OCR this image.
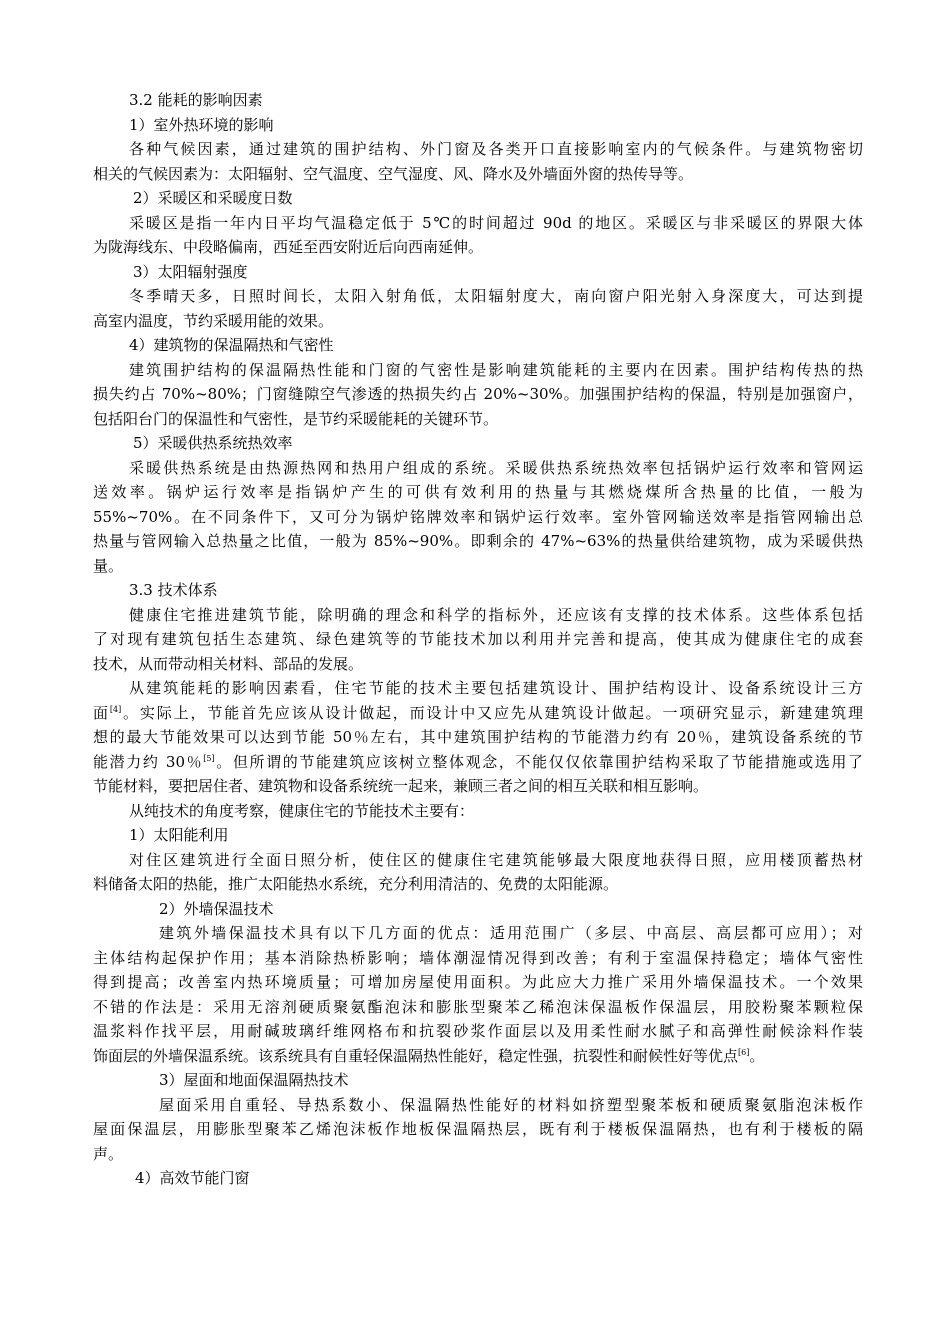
3.2 能耗的影响因素
1）室外热环境的影响
各种气候因素，通过建筑的围护结构、外门窗及各类开口直接影响室内的气候条件。与建筑物密切
相关的气候因素为：太阳辐射、空气温度、空气湿度、风、降水及外墙面外窗的热传导等。
2）采暖区和采暖度日数
采暖区是指一年内日平均气温稳定低于 5℃的时间超过 90d 的地区。采暖区与非采暖区的界限大体
为陇海线东、中段略偏南，西延至西安附近后向西南延伸。
3）太阳辐射强度
冬季晴天多，日照时间长，太阳入射角低，太阳辐射度大，南向窗户阳光射入身深度大，可达到提
高室内温度，节约采暖用能的效果。
4）建筑物的保温隔热和气密性
建筑围护结构的保温隔热性能和门窗的气密性是影响建筑能耗的主要内在因素。围护结构传热的热
损失约占 70%~80%；门窗缝隙空气渗透的热损失约占 20%~30%。加强围护结构的保温，特别是加强窗户，
包括阳台门的保温性和气密性，是节约采暖能耗的关键环节。
5）采暖供热系统热效率
采暖供热系统是由热源热网和热用户组成的系统。采暖供热系统热效率包括锅炉运行效率和管网运
送效率。锅炉运行效率是指锅炉产生的可供有效利用的热量与其燃烧煤所含热量的比值，一般为
55%~70%。在不同条件下，又可分为锅炉铭牌效率和锅炉运行效率。室外管网输送效率是指管网输出总
热量与管网输入总热量之比值，一般为 85%~90%。即剩余的 47%~63%的热量供给建筑物，成为采暖供热
量。
3.3 技术体系
健康住宅推进建筑节能，除明确的理念和科学的指标外，还应该有支撑的技术体系。这些体系包括
了对现有建筑包括生态建筑、绿色建筑等的节能技术加以利用并完善和提高，使其成为健康住宅的成套
技术，从而带动相关材料、部品的发展。
从建筑能耗的影响因素看，住宅节能的技术主要包括建筑设计、围护结构设计、设备系统设计三方
面[4]。实际上，节能首先应该从设计做起，而设计中又应先从建筑设计做起。一项研究显示，新建建筑理
想的最大节能效果可以达到节能 50％左右，其中建筑围护结构的节能潜力约有 20％，建筑设备系统的节
能潜力约 30％[5]。但所谓的节能建筑应该树立整体观念，不能仅仅依靠围护结构采取了节能措施或选用了
节能材料，要把居住者、建筑物和设备系统统一起来，兼顾三者之间的相互关联和相互影响。
从纯技术的角度考察，健康住宅的节能技术主要有：
1）太阳能利用
对住区建筑进行全面日照分析，使住区的健康住宅建筑能够最大限度地获得日照，应用楼顶蓄热材
料储备太阳的热能，推广太阳能热水系统，充分利用清洁的、免费的太阳能源。
2）外墙保温技术
建筑外墙保温技术具有以下几方面的优点：适用范围广（多层、中高层、高层都可应用）；对
主体结构起保护作用；基本消除热桥影响；墙体潮湿情况得到改善；有利于室温保持稳定；墙体气密性
得到提高；改善室内热环境质量；可增加房屋使用面积。为此应大力推广采用外墙保温技术。一个效果
不错的作法是：采用无溶剂硬质聚氨酯泡沫和膨胀型聚苯乙稀泡沫保温板作保温层，用胶粉聚苯颗粒保
温浆料作找平层，用耐碱玻璃纤维网格布和抗裂砂浆作面层以及用柔性耐水腻子和高弹性耐候涂料作装
饰面层的外墙保温系统。该系统具有自重轻保温隔热性能好，稳定性强，抗裂性和耐候性好等优点[6]。
3）屋面和地面保温隔热技术
屋面采用自重轻、导热系数小、保温隔热性能好的材料如挤塑型聚苯板和硬质聚氨脂泡沫板作
屋面保温层，用膨胀型聚苯乙烯泡沫板作地板保温隔热层，既有利于楼板保温隔热，也有利于楼板的隔
声。
4）高效节能门窗
